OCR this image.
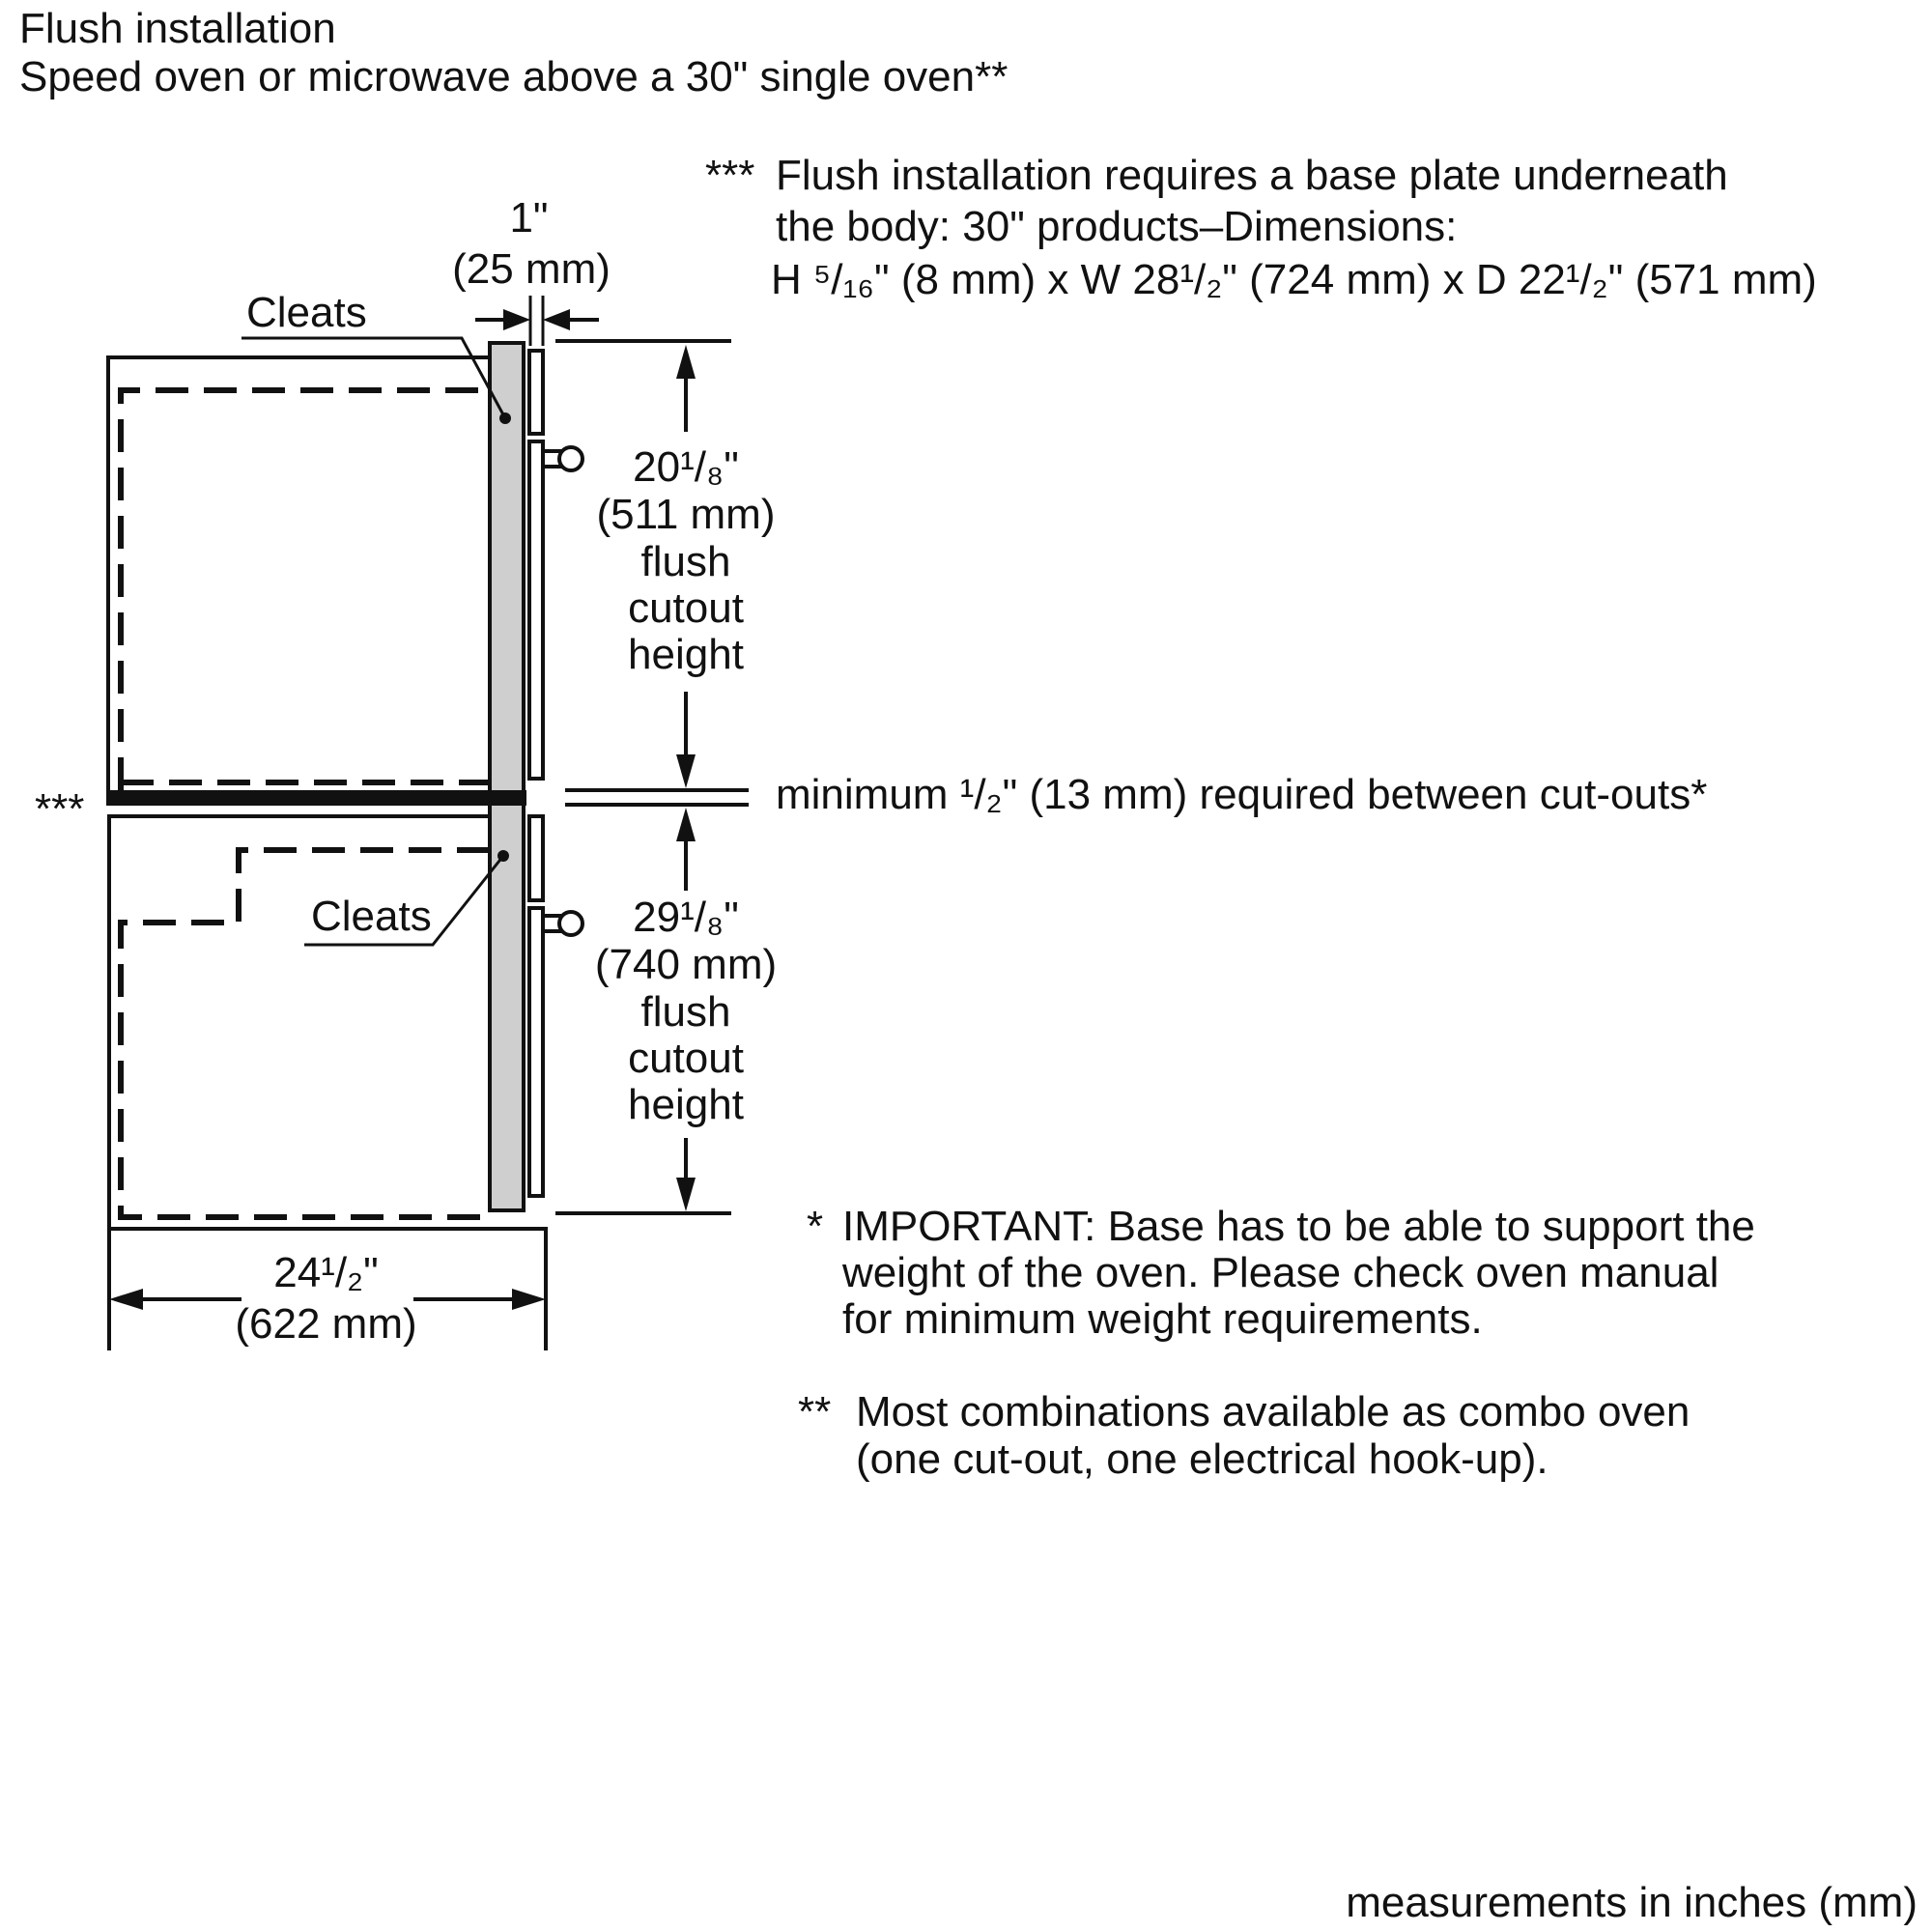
Flush installation
Speed oven or microwave above a 30" single oven**
*** Flush installation requires a base plate underneath
the body: 30" products–Dimensions:
H ⁵/₁₆" (8 mm) x W 28¹/₂" (724 mm) x D 22¹/₂" (571 mm)
1"
(25 mm)
Cleats
Cleats
20¹/₈"
(511 mm)
flush
cutout
height
minimum ¹/₂" (13 mm) required between cut-outs*
***
29¹/₈"
(740 mm)
flush
cutout
height
24¹/₂"
(622 mm)
* IMPORTANT: Base has to be able to support the
weight of the oven. Please check oven manual
for minimum weight requirements.
** Most combinations available as combo oven
(one cut-out, one electrical hook-up).
measurements in inches (mm)
